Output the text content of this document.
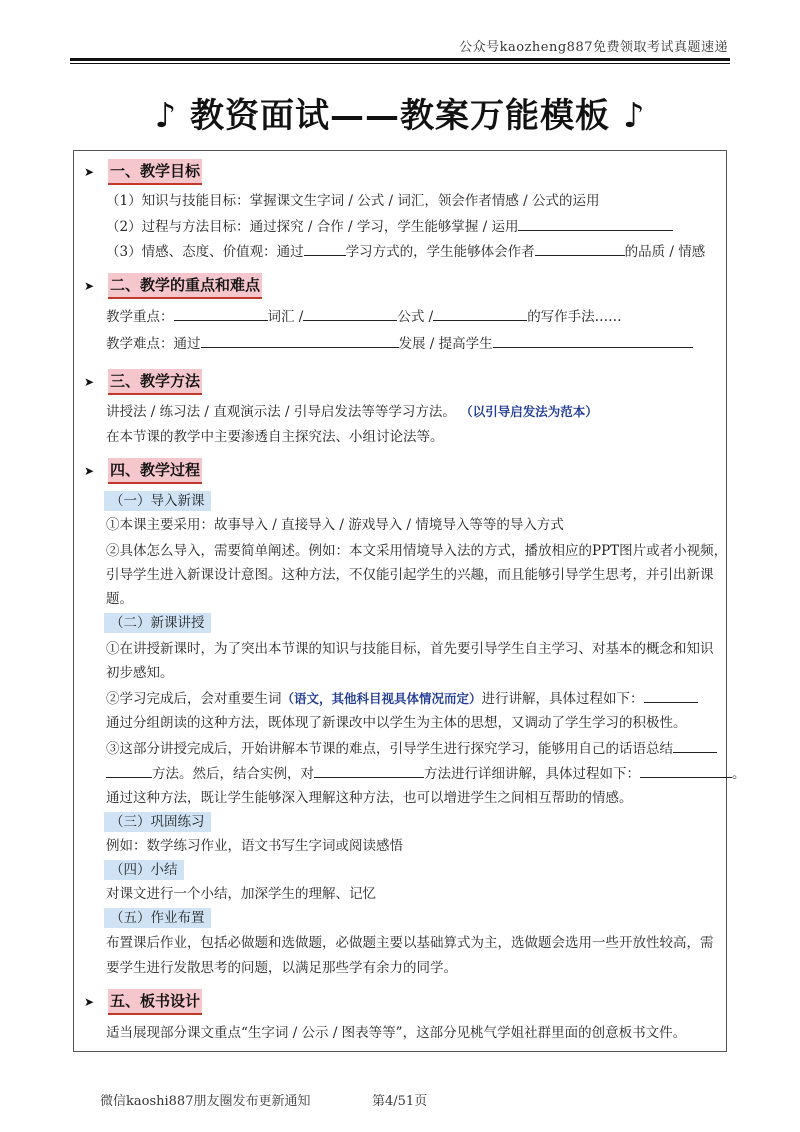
公众号kaozheng887免费领取考试真题速递
♪ 教资面试——教案万能模板 ♪
➤ 一、教学目标
（1）知识与技能目标：掌握课文生字词 / 公式 / 词汇，领会作者情感 / 公式的运用
（2）过程与方法目标：通过探究 / 合作 / 学习，学生能够掌握 / 运用
（3）情感、态度、价值观：通过	学习方式的，学生能够体会作者	的品质 / 情感
➤ 二、教学的重点和难点
教学重点：	词汇 /	公式 /	的写作手法……
教学难点：通过	发展 / 提高学生
➤ 三、教学方法
讲授法 / 练习法 / 直观演示法 / 引导启发法等等学习方法。 （以引导启发法为范本）
在本节课的教学中主要渗透自主探究法、小组讨论法等。
➤ 四、教学过程
（一）导入新课
①本课主要采用：故事导入 / 直接导入 / 游戏导入 / 情境导入等等的导入方式
②具体怎么导入，需要简单阐述。例如：本文采用情境导入法的方式，播放相应的PPT图片或者小视频，
引导学生进入新课设计意图。这种方法，不仅能引起学生的兴趣，而且能够引导学生思考，并引出新课
题。
（二）新课讲授
①在讲授新课时，为了突出本节课的知识与技能目标，首先要引导学生自主学习、对基本的概念和知识
初步感知。
②学习完成后，会对重要生词（语文，其他科目视具体情况而定）进行讲解，具体过程如下：
通过分组朗读的这种方法，既体现了新课改中以学生为主体的思想，又调动了学生学习的积极性。
③这部分讲授完成后，开始讲解本节课的难点，引导学生进行探究学习，能够用自己的话语总结
方法。然后，结合实例，对	方法进行详细讲解，具体过程如下：	。
通过这种方法，既让学生能够深入理解这种方法，也可以增进学生之间相互帮助的情感。
（三）巩固练习
例如：数学练习作业，语文书写生字词或阅读感悟
（四）小结
对课文进行一个小结，加深学生的理解、记忆
（五）作业布置
布置课后作业，包括必做题和选做题，必做题主要以基础算式为主，选做题会选用一些开放性较高，需
要学生进行发散思考的问题，以满足那些学有余力的同学。
➤ 五、板书设计
适当展现部分课文重点“生字词 / 公示 / 图表等等”，这部分见桃气学姐社群里面的创意板书文件。
微信kaoshi887朋友圈发布更新通知	第4/51页
